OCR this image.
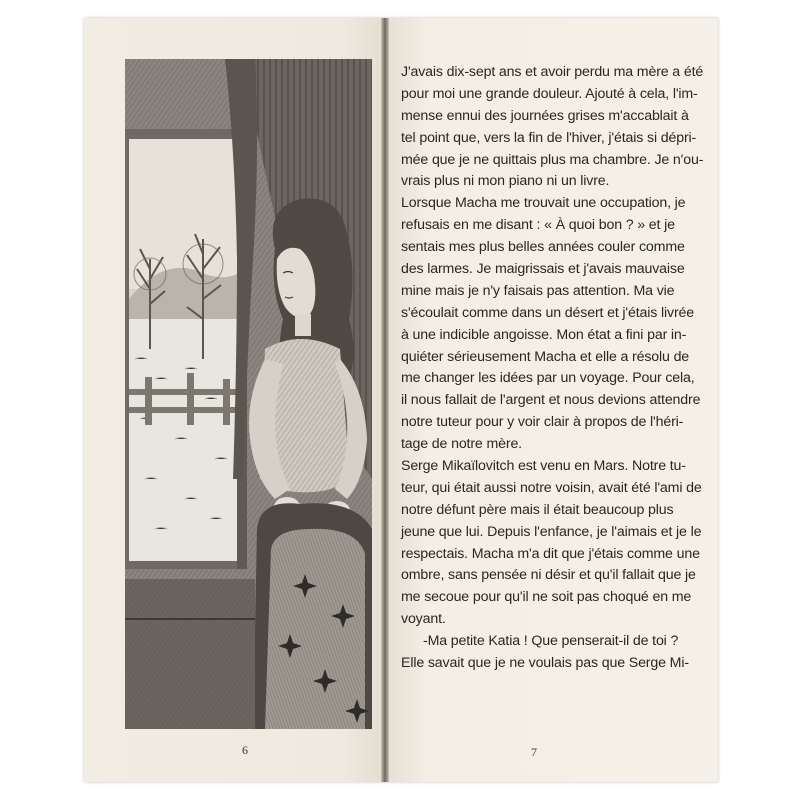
6
J'avais dix-sept ans et avoir perdu ma mère a été
pour moi une grande douleur. Ajouté à cela, l'im-
mense ennui des journées grises m'accablait à
tel point que, vers la fin de l'hiver, j'étais si dépri-
mée que je ne quittais plus ma chambre. Je n'ou-
vrais plus ni mon piano ni un livre.
Lorsque Macha me trouvait une occupation, je
refusais en me disant : « À quoi bon ? » et je
sentais mes plus belles années couler comme
des larmes. Je maigrissais et j'avais mauvaise
mine mais je n'y faisais pas attention. Ma vie
s'écoulait comme dans un désert et j'étais livrée
à une indicible angoisse. Mon état a fini par in-
quiéter sérieusement Macha et elle a résolu de
me changer les idées par un voyage. Pour cela,
il nous fallait de l'argent et nous devions attendre
notre tuteur pour y voir clair à propos de l'héri-
tage de notre mère.
Serge Mikaïlovitch est venu en Mars. Notre tu-
teur, qui était aussi notre voisin, avait été l'ami de
notre défunt père mais il était beaucoup plus
jeune que lui. Depuis l'enfance, je l'aimais et je le
respectais. Macha m'a dit que j'étais comme une
ombre, sans pensée ni désir et qu'il fallait que je
me secoue pour qu'il ne soit pas choqué en me
voyant.
-Ma petite Katia ! Que penserait-il de toi ?
Elle savait que je ne voulais pas que Serge Mi-
7
